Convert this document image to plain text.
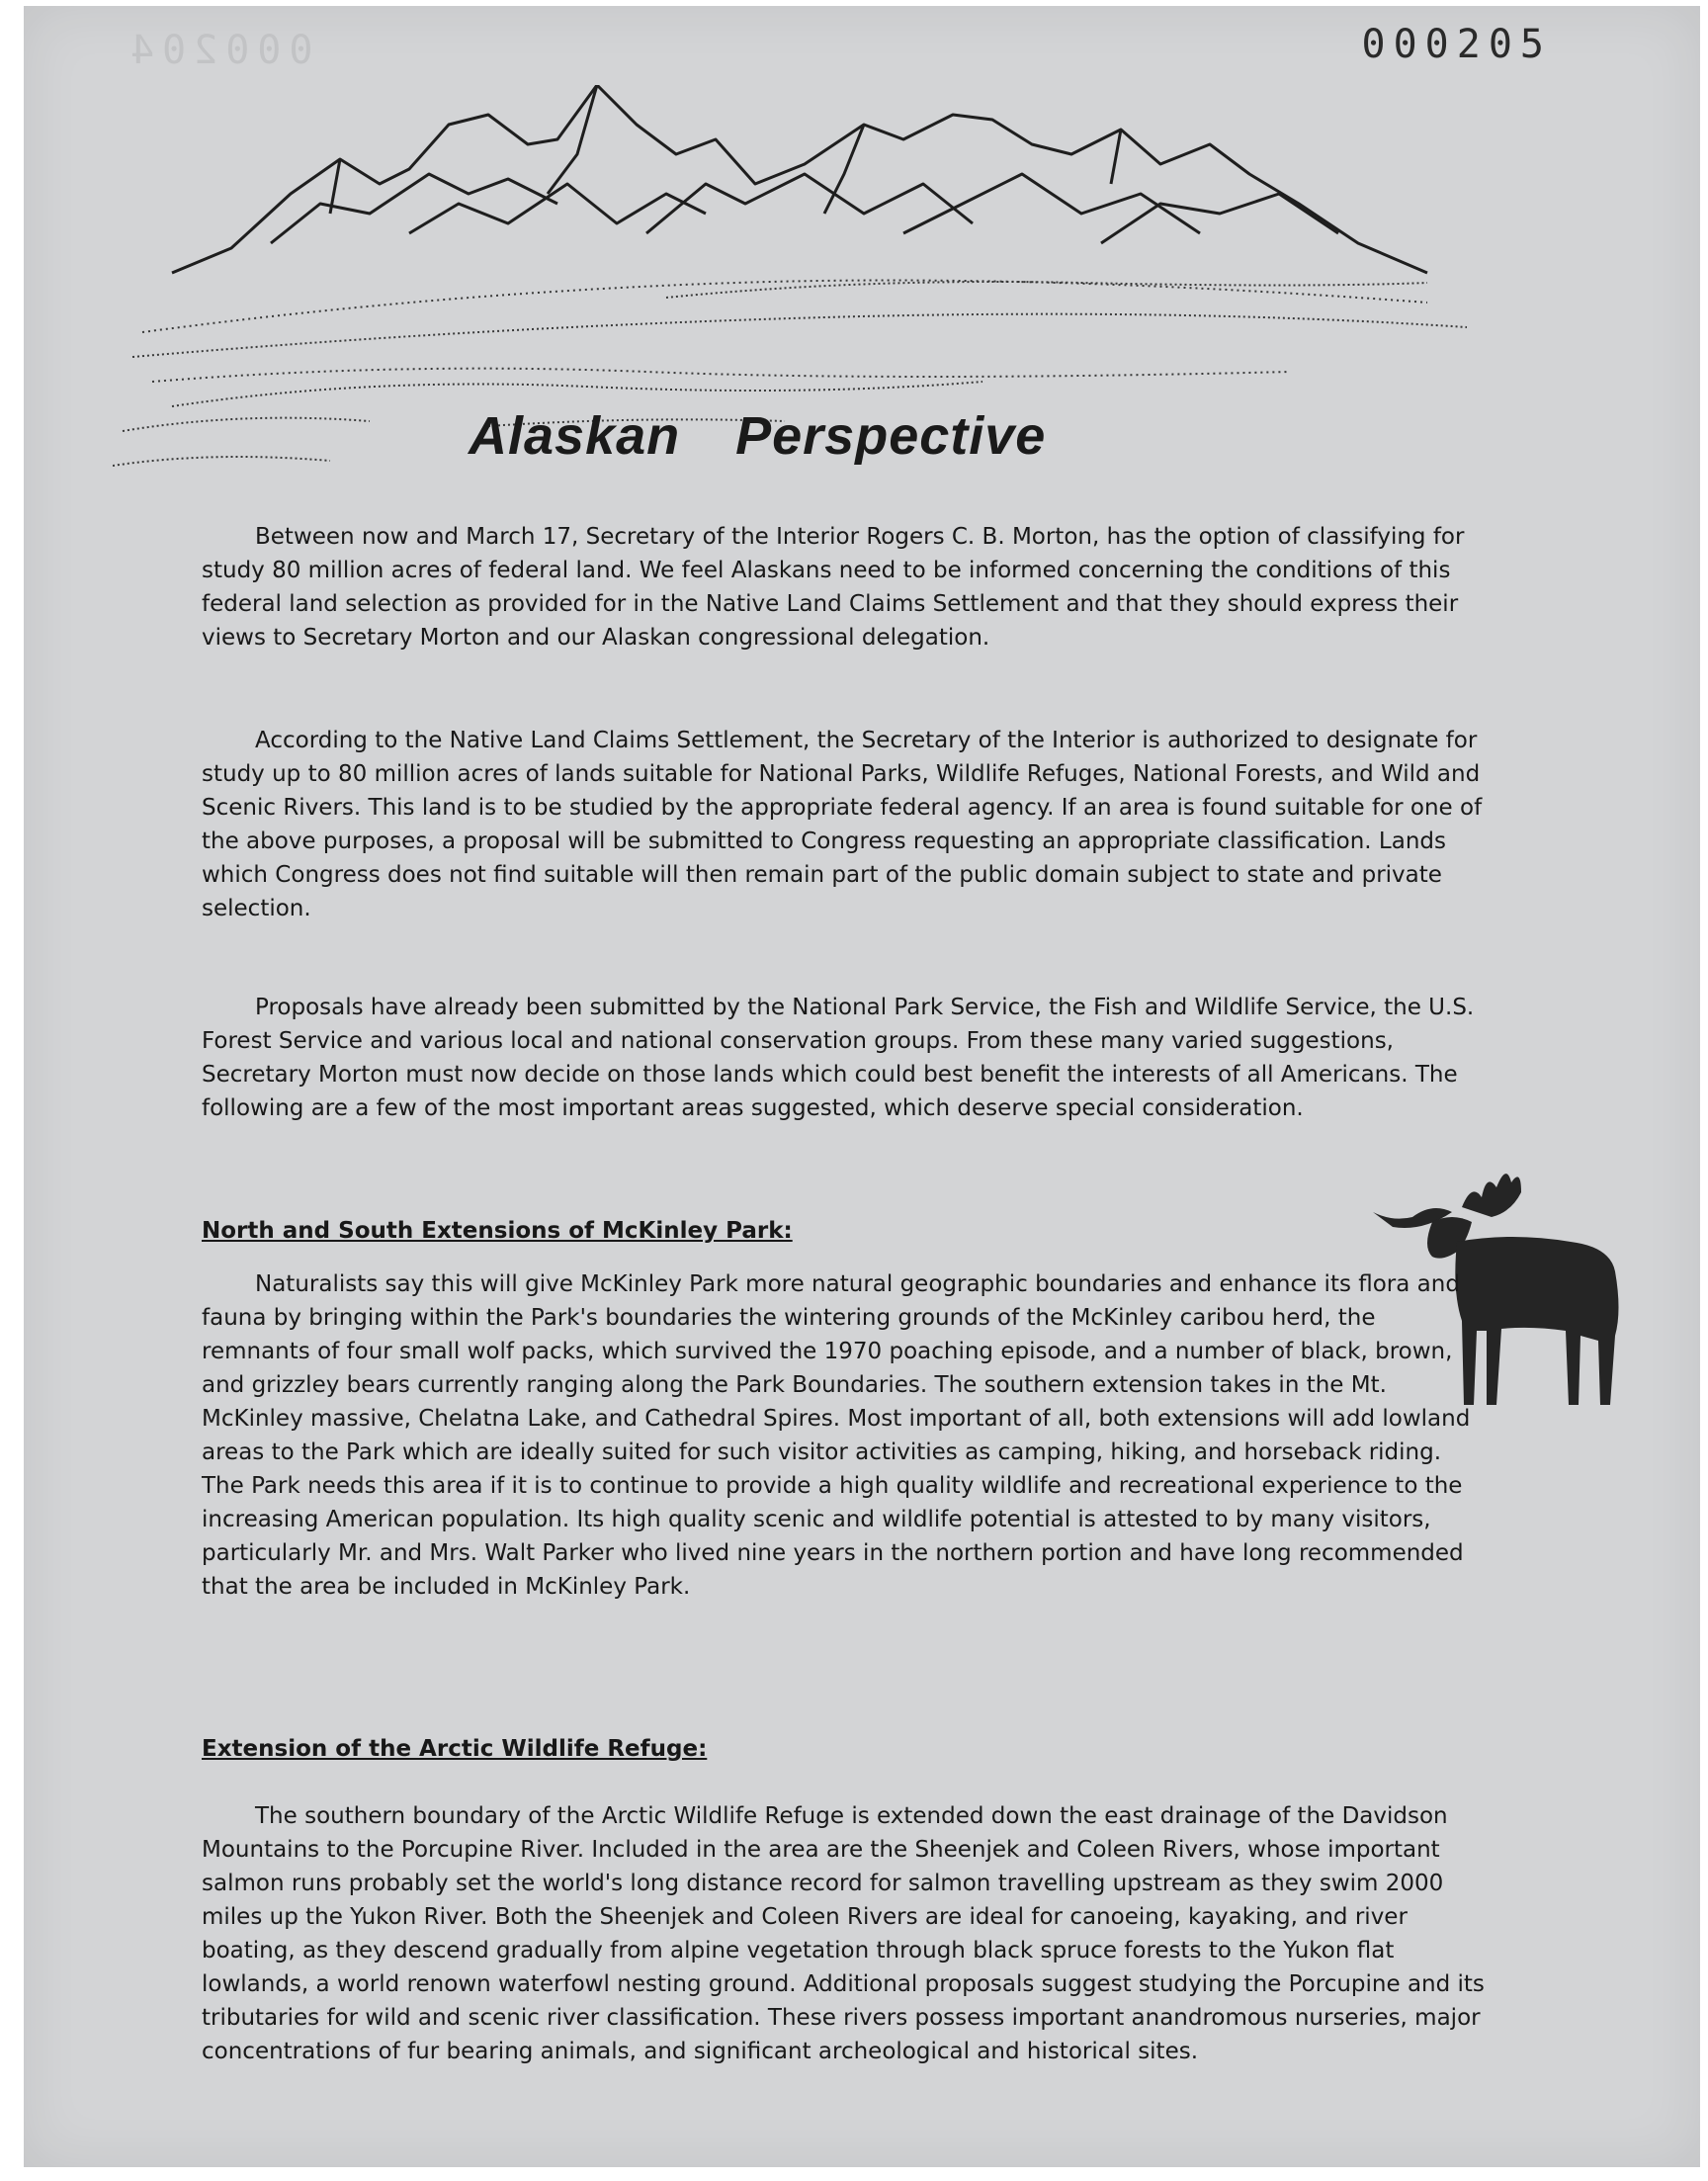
000204	000205
Alaskan Perspective

Between now and March 17, Secretary of the Interior Rogers C. B. Morton, has the option of classifying for study 80 million acres of federal land. We feel Alaskans need to be informed concerning the conditions of this federal land selection as provided for in the Native Land Claims Settlement and that they should express their views to Secretary Morton and our Alaskan congressional delegation.

According to the Native Land Claims Settlement, the Secretary of the Interior is authorized to designate for study up to 80 million acres of lands suitable for National Parks, Wildlife Refuges, National Forests, and Wild and Scenic Rivers. This land is to be studied by the appropriate federal agency. If an area is found suitable for one of the above purposes, a proposal will be submitted to Congress requesting an appropriate classification. Lands which Congress does not find suitable will then remain part of the public domain subject to state and private selection.

Proposals have already been submitted by the National Park Service, the Fish and Wildlife Service, the U.S. Forest Service and various local and national conservation groups. From these many varied suggestions, Secretary Morton must now decide on those lands which could best benefit the interests of all Americans. The following are a few of the most important areas suggested, which deserve special consideration.

North and South Extensions of McKinley Park:

Naturalists say this will give McKinley Park more natural geographic boundaries and enhance its flora and fauna by bringing within the Park's boundaries the wintering grounds of the McKinley caribou herd, the remnants of four small wolf packs, which survived the 1970 poaching episode, and a number of black, brown, and grizzley bears currently ranging along the Park Boundaries. The southern extension takes in the Mt. McKinley massive, Chelatna Lake, and Cathedral Spires. Most important of all, both extensions will add lowland areas to the Park which are ideally suited for such visitor activities as camping, hiking, and horseback riding. The Park needs this area if it is to continue to provide a high quality wildlife and recreational experience to the increasing American population. Its high quality scenic and wildlife potential is attested to by many visitors, particularly Mr. and Mrs. Walt Parker who lived nine years in the northern portion and have long recommended that the area be included in McKinley Park.

Extension of the Arctic Wildlife Refuge:

The southern boundary of the Arctic Wildlife Refuge is extended down the east drainage of the Davidson Mountains to the Porcupine River. Included in the area are the Sheenjek and Coleen Rivers, whose important salmon runs probably set the world's long distance record for salmon travelling upstream as they swim 2000 miles up the Yukon River. Both the Sheenjek and Coleen Rivers are ideal for canoeing, kayaking, and river boating, as they descend gradually from alpine vegetation through black spruce forests to the Yukon flat lowlands, a world renown waterfowl nesting ground. Additional proposals suggest studying the Porcupine and its tributaries for wild and scenic river classification. These rivers possess important anandromous nurseries, major concentrations of fur bearing animals, and significant archeological and historical sites.
